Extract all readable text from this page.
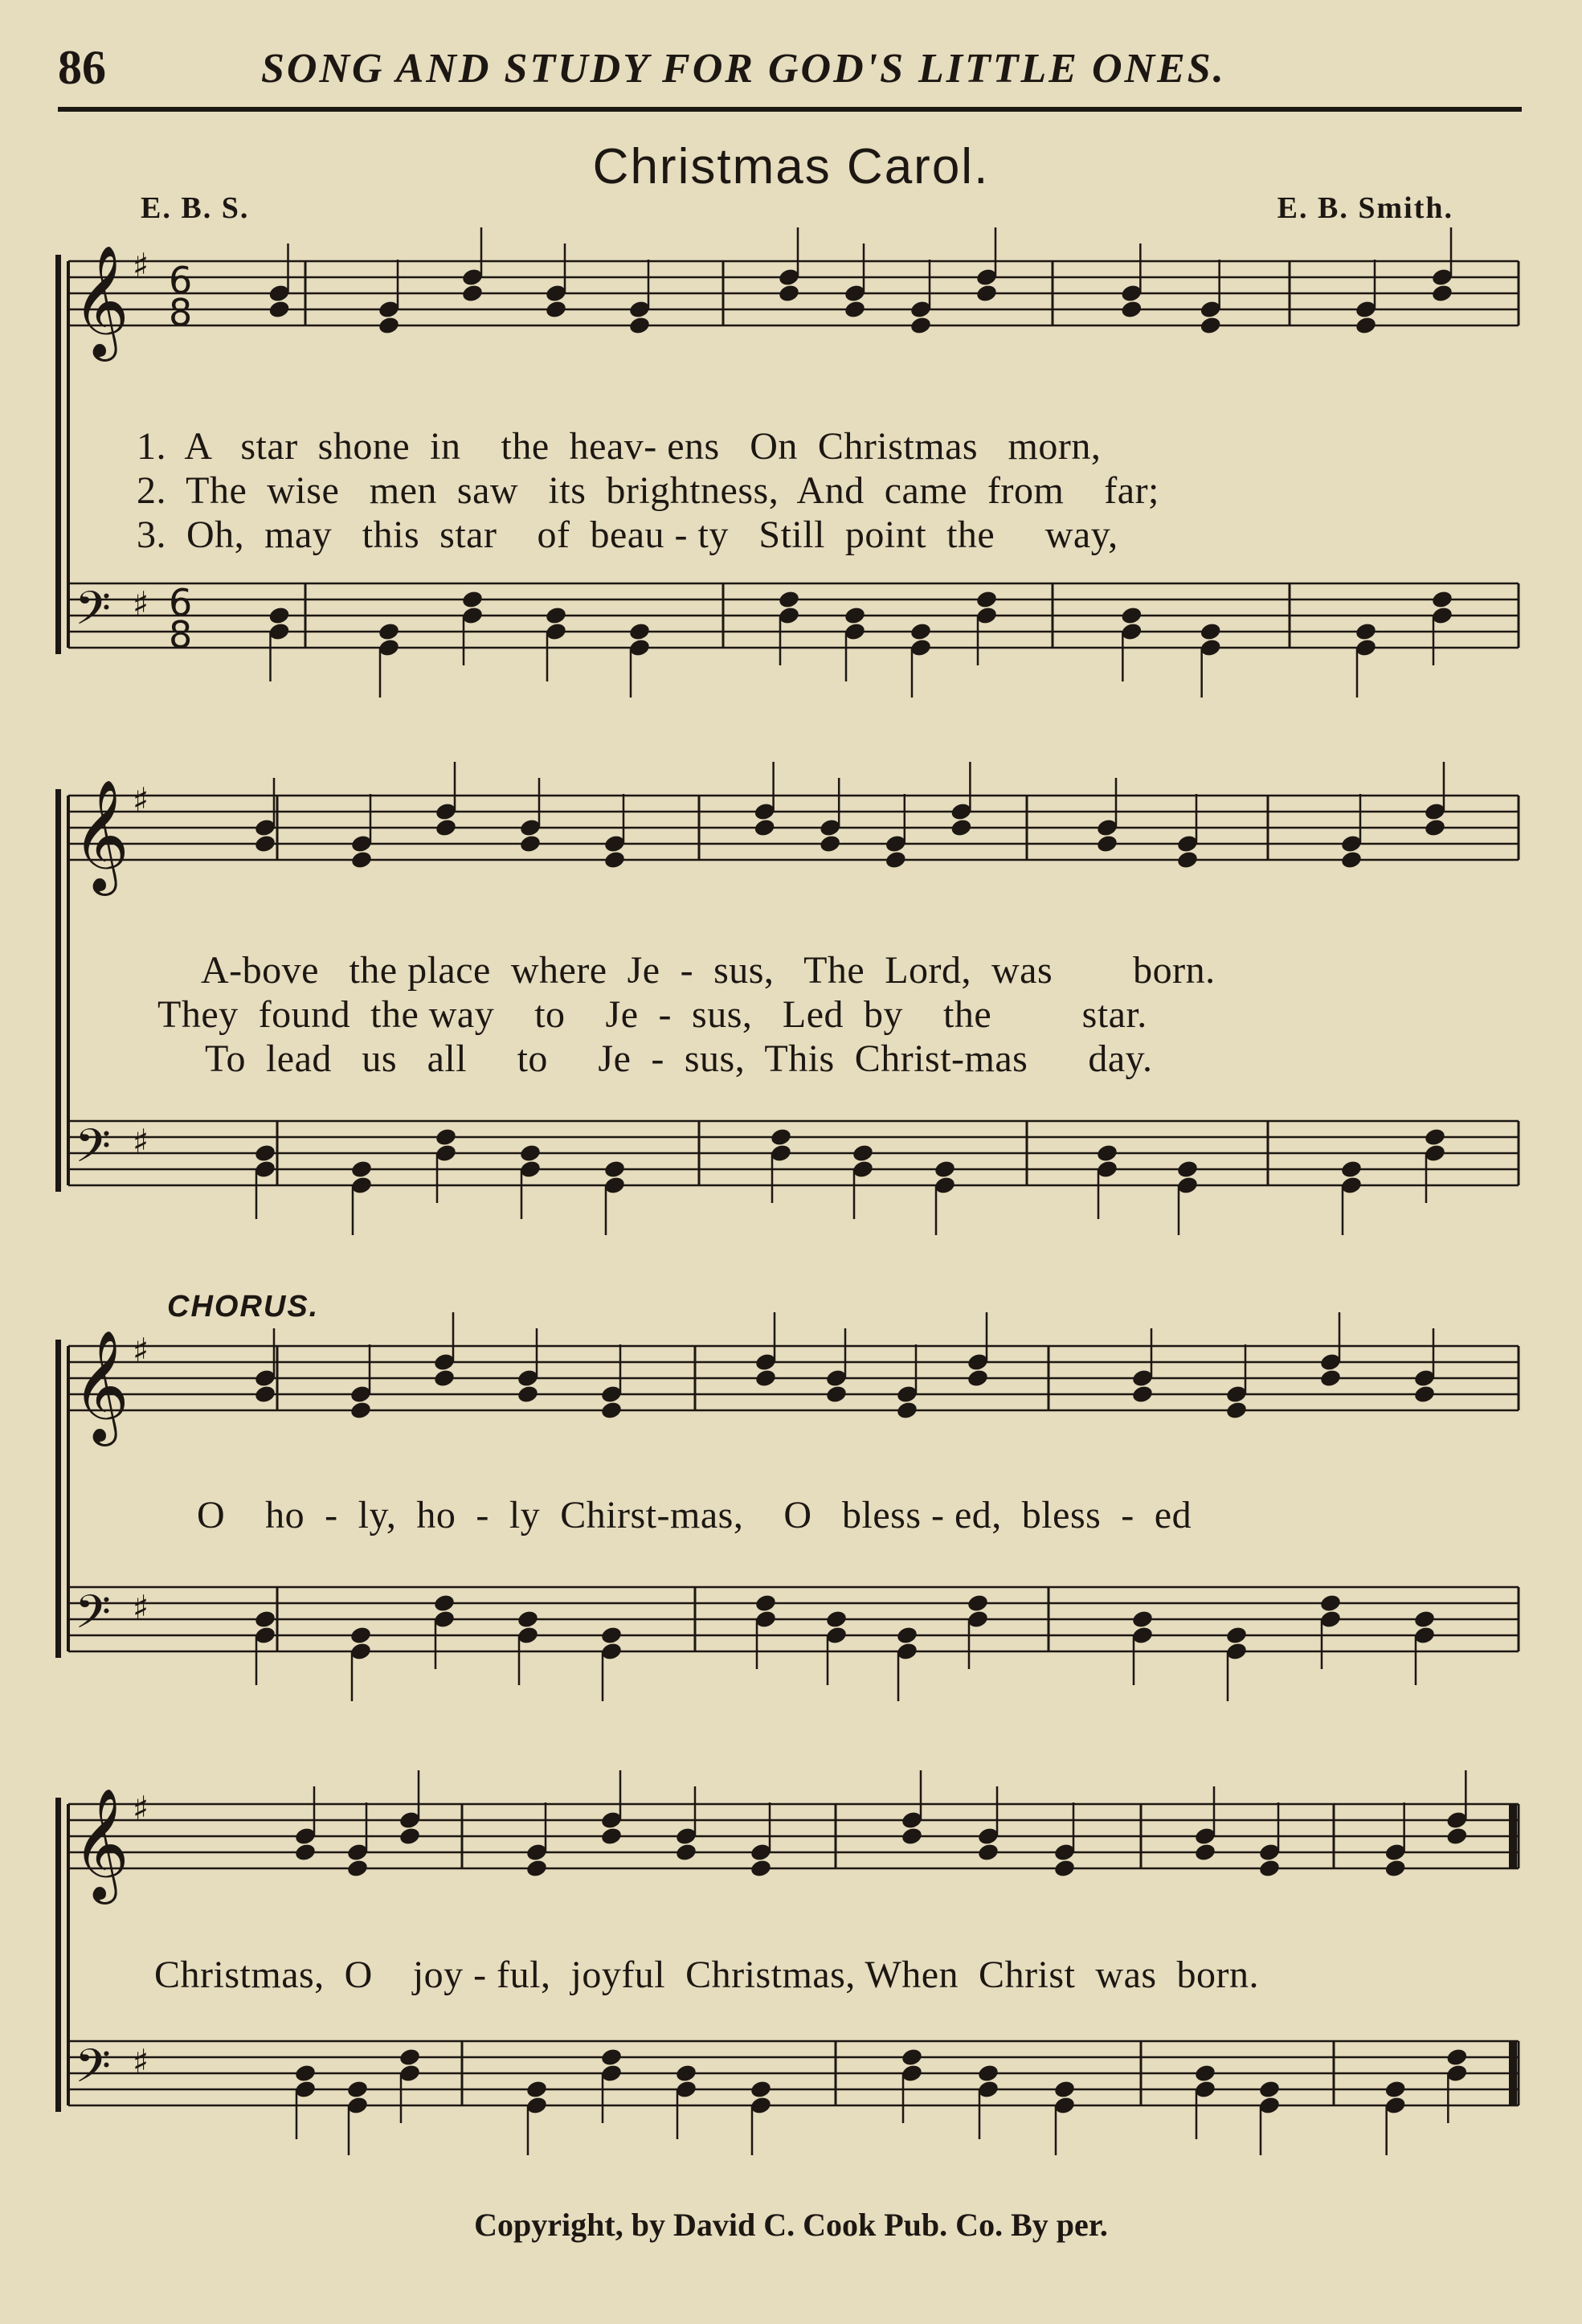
86	SONG AND STUDY FOR GOD'S LITTLE ONES.
Christmas Carol.
E. B. S.	E. B. Smith.
𝄞
𝄢
♯
♯
6
8
6
8
𝄞
𝄢
♯
♯
𝄞
𝄢
♯
♯
𝄞
𝄢
♯
♯
1.  A   star  shone  in    the  heav- ens   On  Christmas   morn,
2.  The  wise   men  saw   its  brightness,  And  came  from    far;
3.  Oh,  may   this  star    of  beau - ty   Still  point  the     way,
A-bove   the place  where  Je  -  sus,   The  Lord,  was        born.
They  found  the way    to    Je  -  sus,   Led  by    the         star.
To  lead   us   all     to     Je  -  sus,  This  Christ-mas      day.
CHORUS.
O    ho  -  ly,  ho  -  ly  Chirst-mas,    O   bless - ed,  bless  -  ed
Christmas,  O    joy - ful,  joyful  Christmas, When  Christ  was  born.
Copyright, by David C. Cook Pub. Co. By per.
